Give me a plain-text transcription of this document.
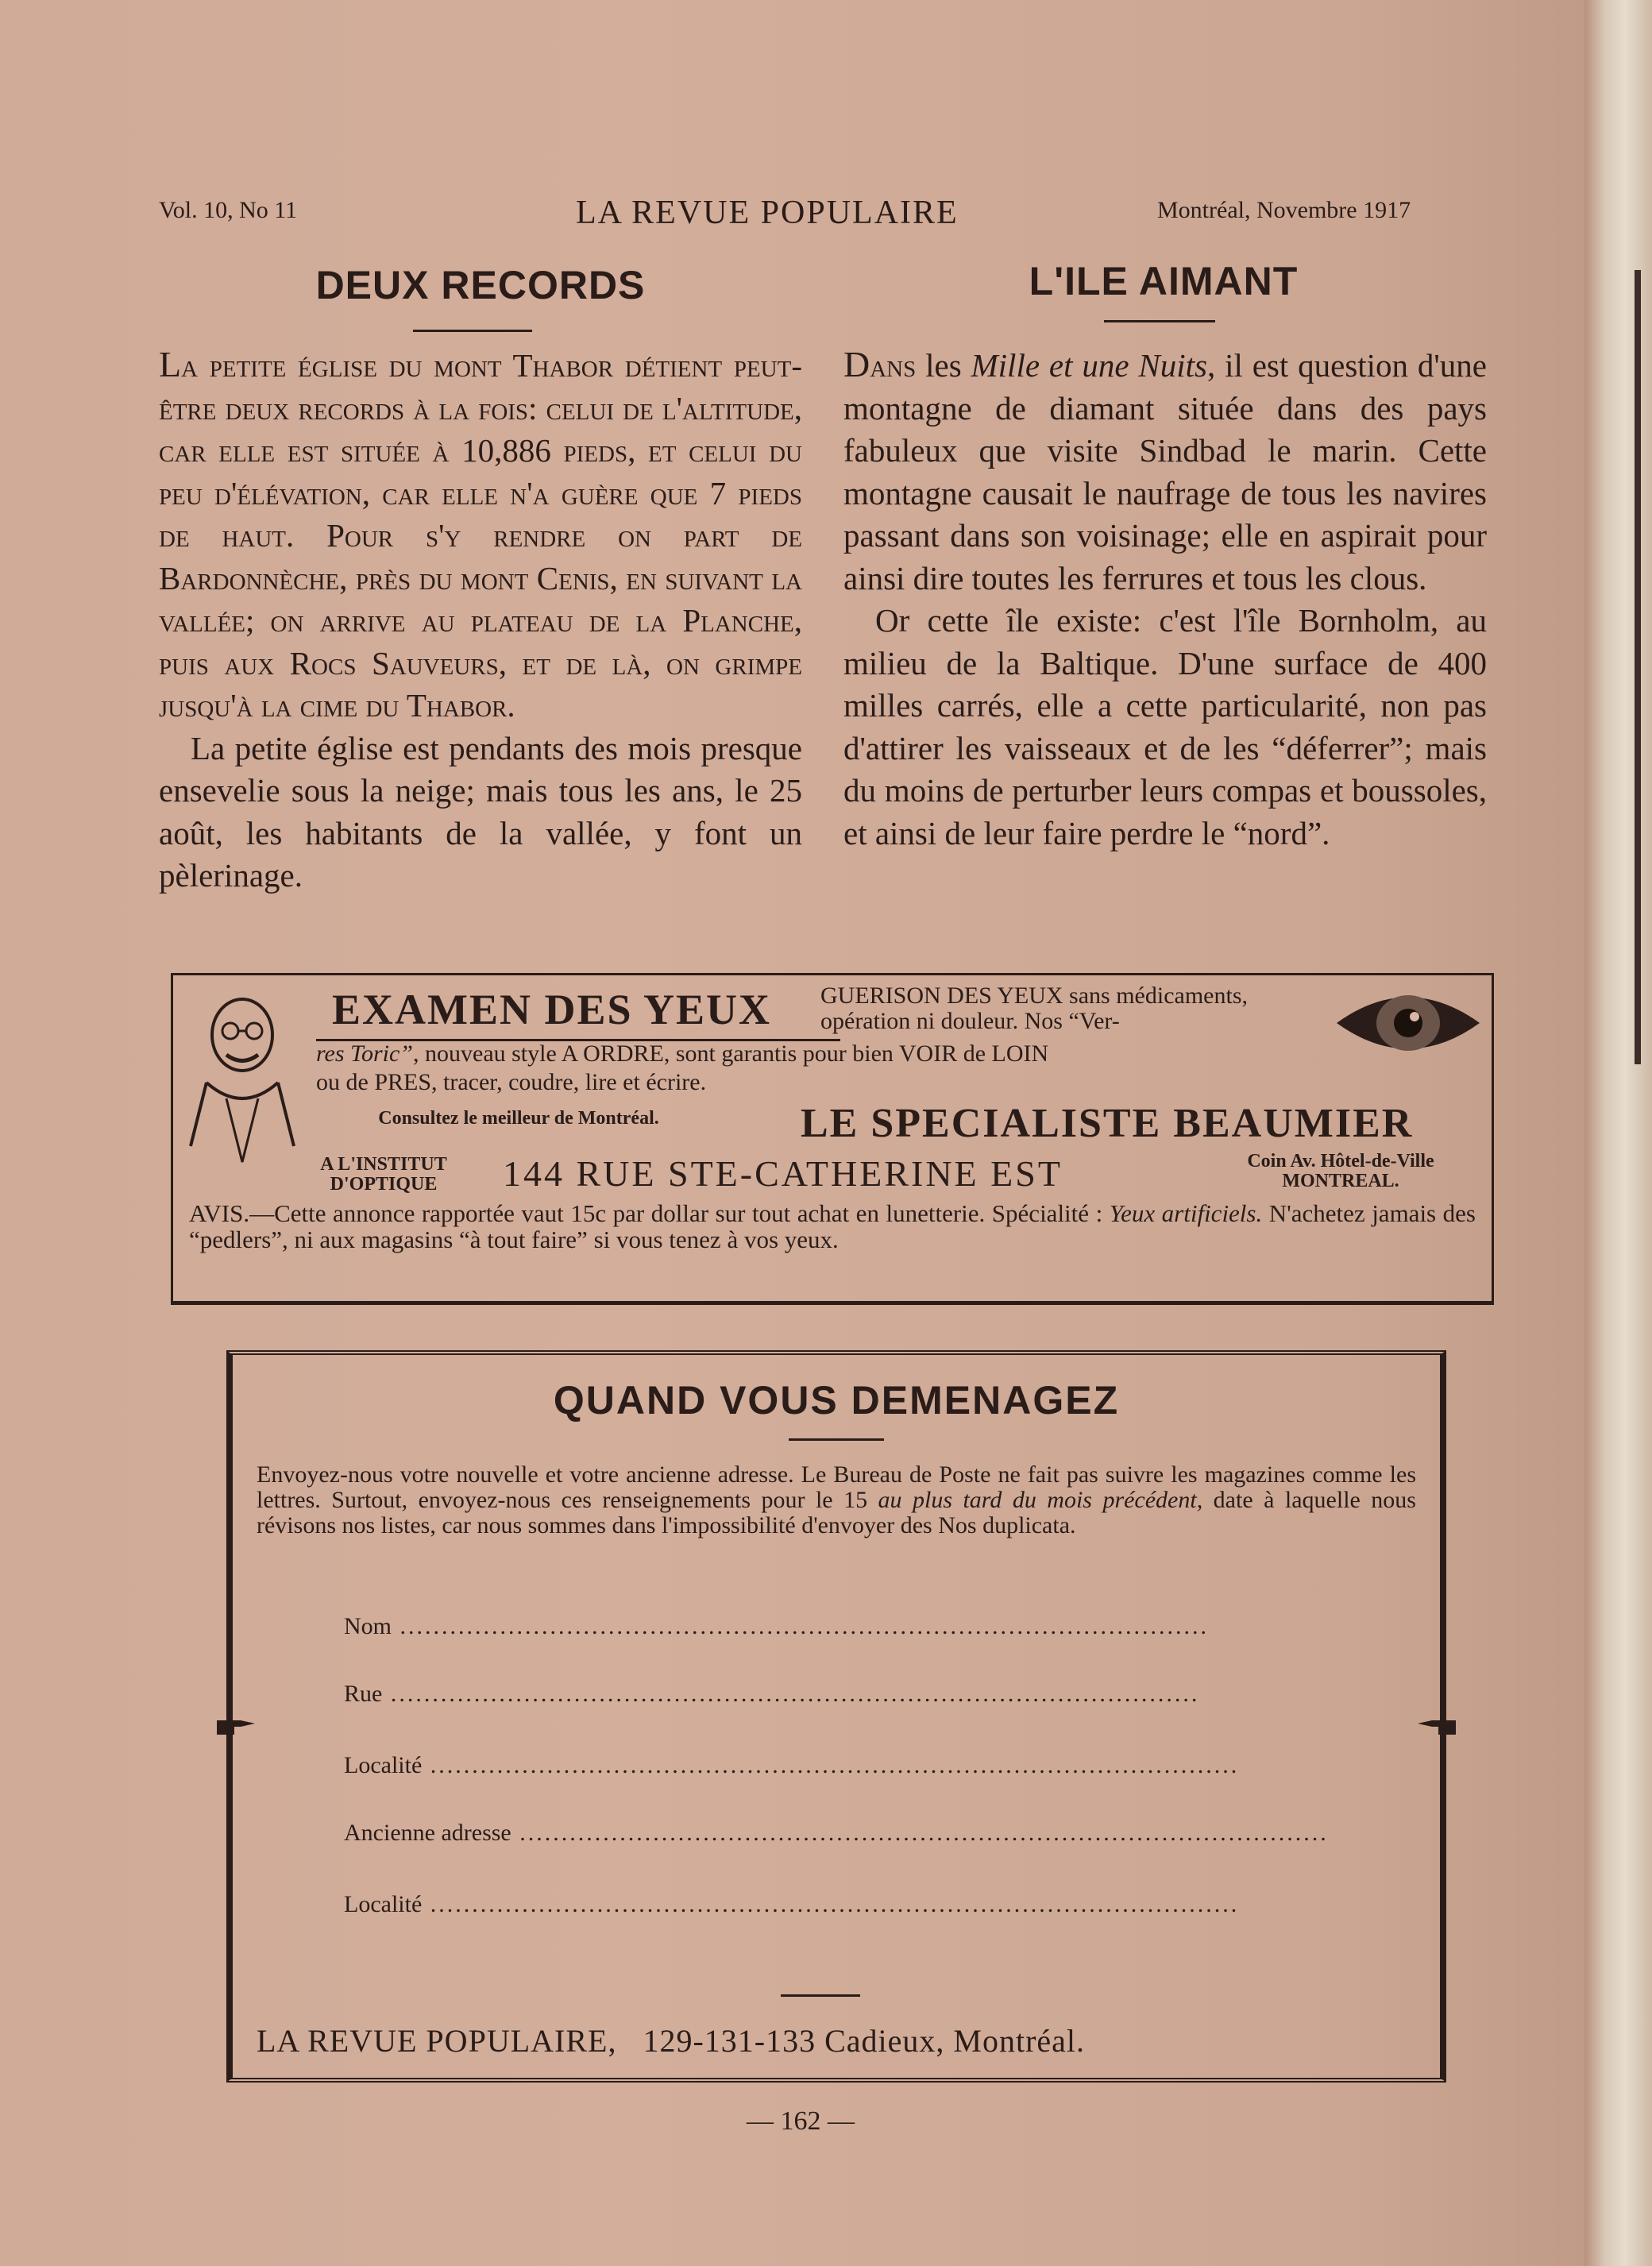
Vol. 10, No 11	LA REVUE POPULAIRE	Montréal, Novembre 1917
DEUX RECORDS

La petite église du mont Thabor détient peut-être deux records à la fois: celui de l'altitude, car elle est située à 10,886 pieds, et celui du peu d'élévation, car elle n'a guère que 7 pieds de haut. Pour s'y rendre on part de Bardonnèche, près du mont Cenis, en suivant la vallée; on arrive au plateau de la Planche, puis aux Rocs Sauveurs, et de là, on grimpe jusqu'à la cime du Thabor.

La petite église est pendants des mois presque ensevelie sous la neige; mais tous les ans, le 25 août, les habitants de la vallée, y font un pèlerinage.

L'ILE AIMANT

Dans les Mille et une Nuits, il est question d'une montagne de diamant située dans des pays fabuleux que visite Sindbad le marin. Cette montagne causait le naufrage de tous les navires passant dans son voisinage; elle en aspirait pour ainsi dire toutes les ferrures et tous les clous.

Or cette île existe: c'est l'île Bornholm, au milieu de la Baltique. D'une surface de 400 milles carrés, elle a cette particularité, non pas d'attirer les vaisseaux et de les “déferrer”; mais du moins de perturber leurs compas et boussoles, et ainsi de leur faire perdre le “nord”.

EXAMEN DES YEUX GUERISON DES YEUX sans médicaments, opération ni douleur. Nos “Ver-
res Toric”, nouveau style A ORDRE, sont garantis pour bien VOIR de LOIN
ou de PRES, tracer, coudre, lire et écrire.
Consultez le meilleur de Montréal.	LE SPECIALISTE BEAUMIER
A L'INSTITUT D'OPTIQUE	144 RUE STE-CATHERINE EST	Coin Av. Hôtel-de-Ville MONTREAL.
AVIS.—Cette annonce rapportée vaut 15c par dollar sur tout achat en lunetterie. Spécialité : Yeux artificiels. N'achetez jamais des “pedlers”, ni aux magasins “à tout faire” si vous tenez à vos yeux.
QUAND VOUS DEMENAGEZ
Envoyez-nous votre nouvelle et votre ancienne adresse. Le Bureau de Poste ne fait pas suivre les magazines comme les lettres. Surtout, envoyez-nous ces renseignements pour le 15 au plus tard du mois précédent, date à laquelle nous révisons nos listes, car nous sommes dans l'impossibilité d'envoyer des Nos duplicata.
Nom .................................................................................................
Rue .................................................................................................
Localité .................................................................................................
Ancienne adresse .................................................................................................
Localité .................................................................................................
LA REVUE POPULAIRE, 129-131-133 Cadieux, Montréal.
— 162 —
